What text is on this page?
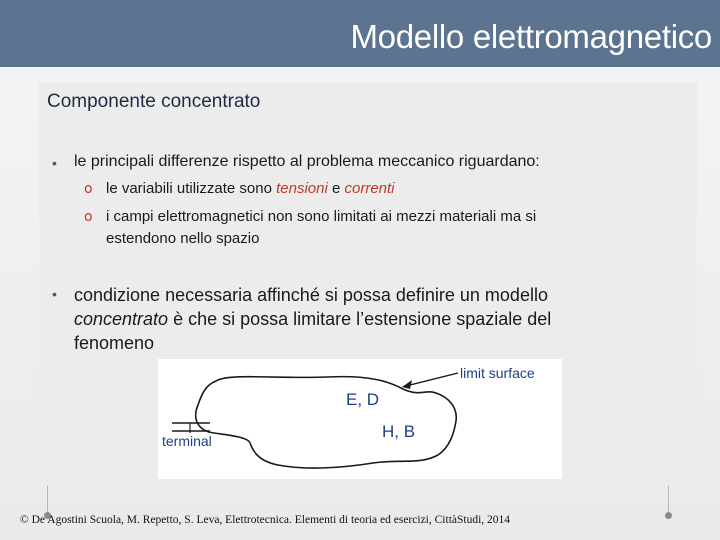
Modello elettromagnetico
Componente concentrato
• le principali differenze rispetto al problema meccanico riguardano:
o le variabili utilizzate sono tensioni e correnti
o i campi elettromagnetici non sono limitati ai mezzi materiali ma si
estendono nello spazio
• condizione necessaria affinché si possa definire un modello
concentrato è che si possa limitare l’estensione spaziale del
fenomeno
limit surface
E, D
H, B
terminal
© De Agostini Scuola, M. Repetto, S. Leva, Elettrotecnica. Elementi di teoria ed esercizi, CittàStudi, 2014
